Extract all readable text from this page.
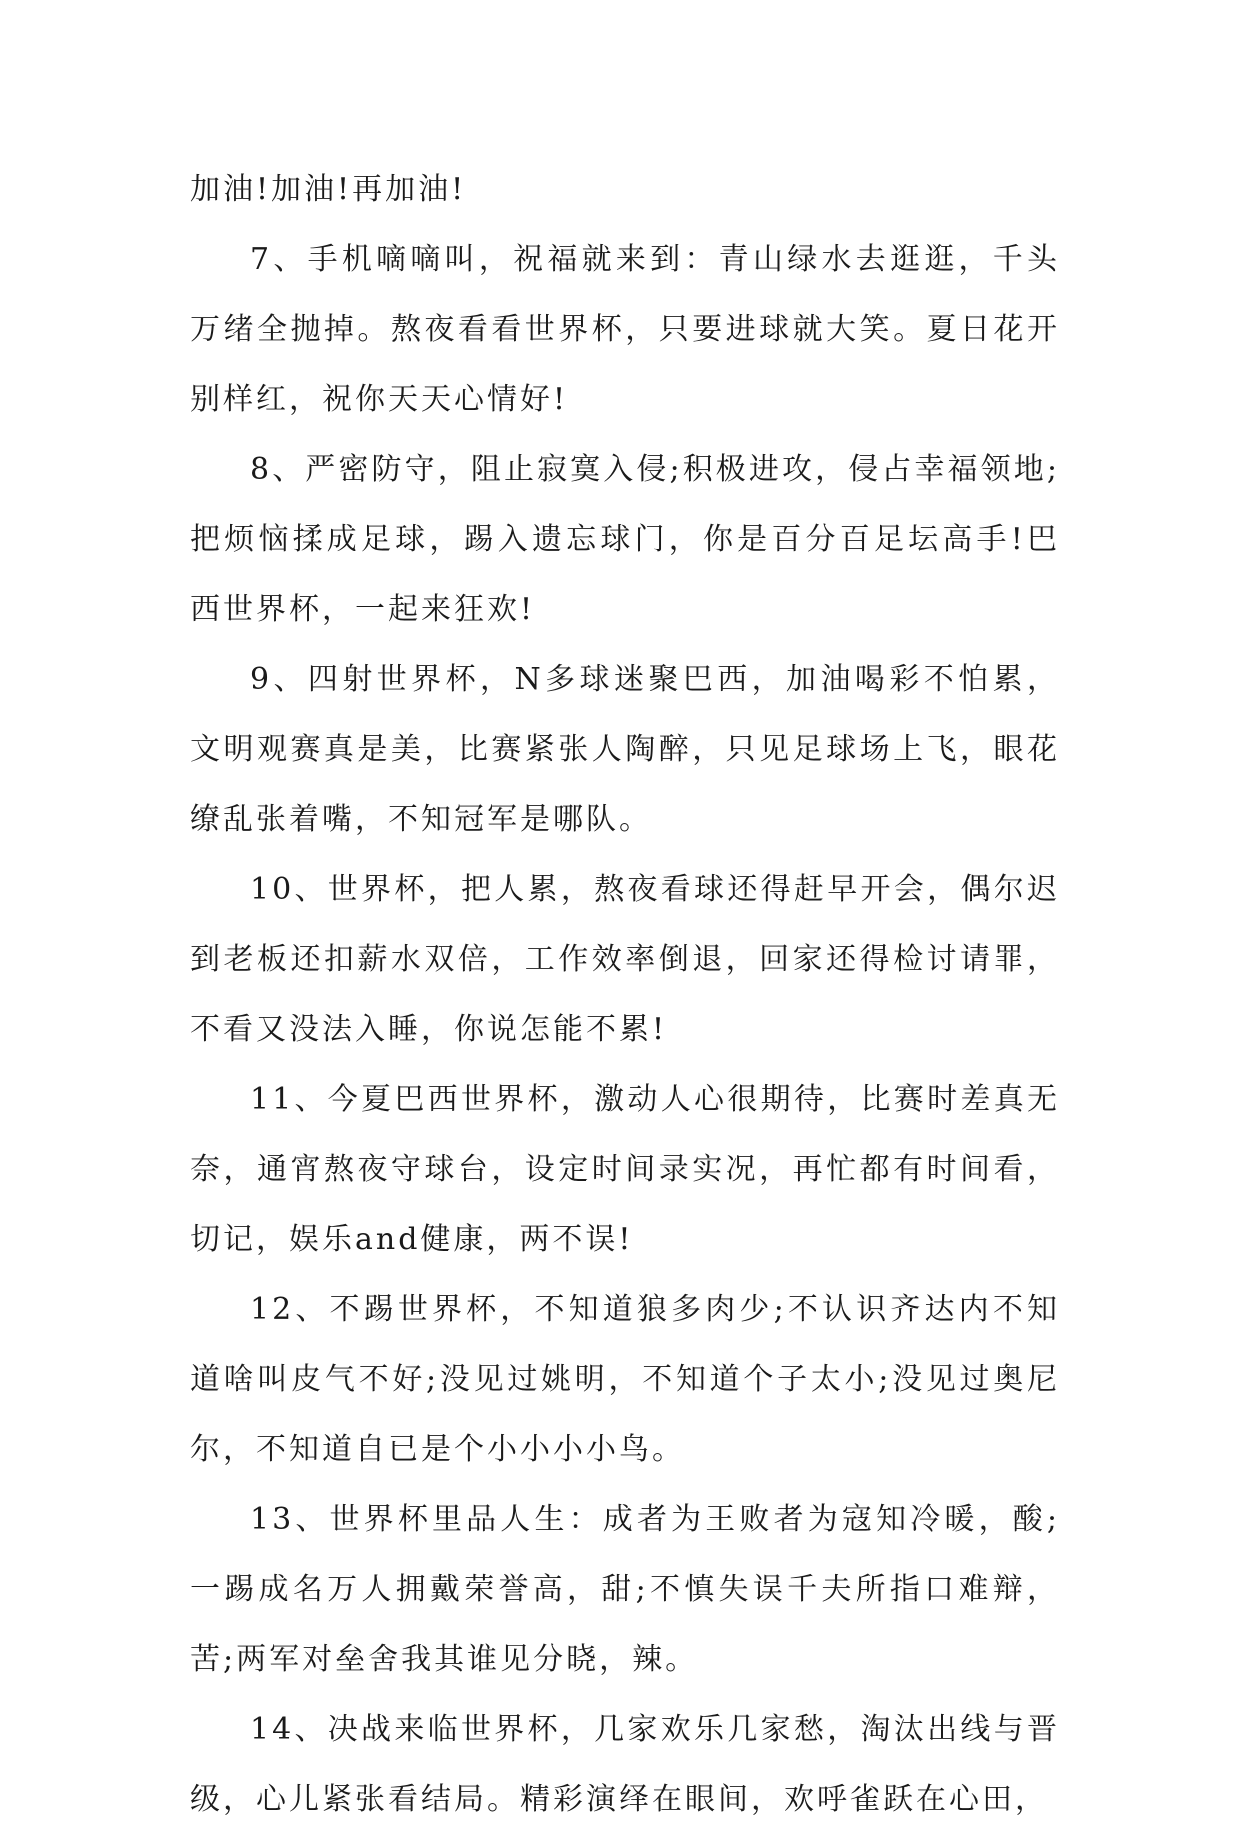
加油!加油!再加油!

7、手机嘀嘀叫，祝福就来到：青山绿水去逛逛，千头万绪全抛掉。熬夜看看世界杯，只要进球就大笑。夏日花开别样红，祝你天天心情好!

8、严密防守，阻止寂寞入侵;积极进攻，侵占幸福领地;把烦恼揉成足球，踢入遗忘球门，你是百分百足坛高手!巴西世界杯，一起来狂欢!

9、四射世界杯，N多球迷聚巴西，加油喝彩不怕累，文明观赛真是美，比赛紧张人陶醉，只见足球场上飞，眼花缭乱张着嘴，不知冠军是哪队。

10、世界杯，把人累，熬夜看球还得赶早开会，偶尔迟到老板还扣薪水双倍，工作效率倒退，回家还得检讨请罪，不看又没法入睡，你说怎能不累!

11、今夏巴西世界杯，激动人心很期待，比赛时差真无奈，通宵熬夜守球台，设定时间录实况，再忙都有时间看，切记，娱乐and健康，两不误!

12、不踢世界杯，不知道狼多肉少;不认识齐达内不知道啥叫皮气不好;没见过姚明，不知道个子太小;没见过奥尼尔，不知道自已是个小小小小鸟。

13、世界杯里品人生：成者为王败者为寇知冷暖，酸;一踢成名万人拥戴荣誉高，甜;不慎失误千夫所指口难辩，苦;两军对垒舍我其谁见分晓，辣。

14、决战来临世界杯，几家欢乐几家愁，淘汰出线与晋级，心儿紧张看结局。精彩演绎在眼间，欢呼雀跃在心田，
